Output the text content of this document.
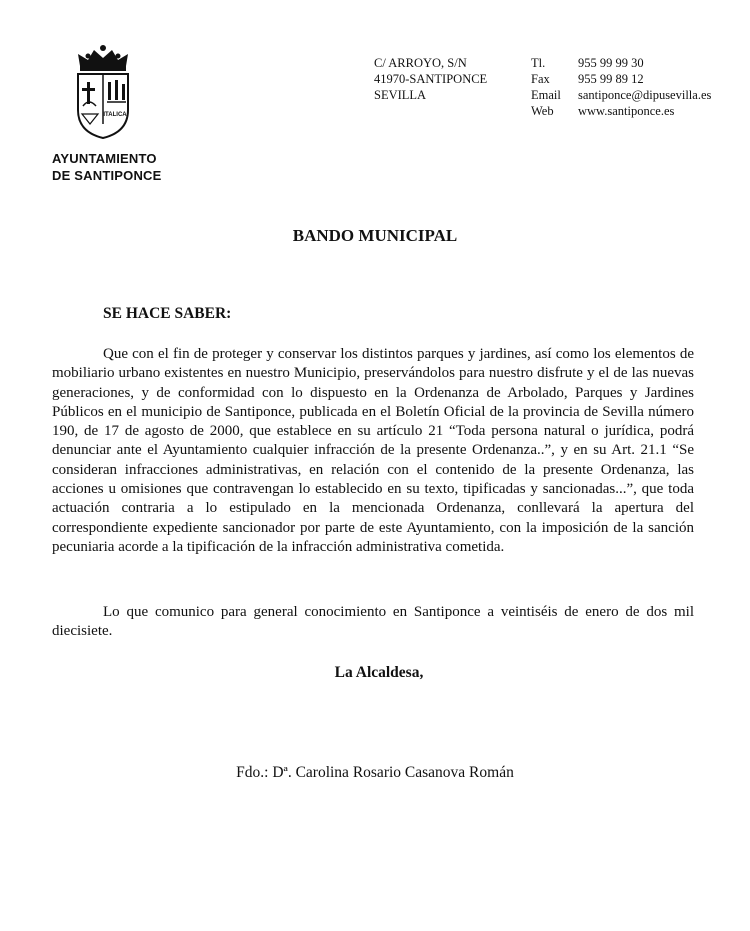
ITALICA
AYUNTAMIENTO
DE SANTIPONCE
C/ ARROYO, S/N
41970-SANTIPONCE
SEVILLA
Tl.	955 99 99 30
Fax	955 99 89 12
Email	santiponce@dipusevilla.es
Web	www.santiponce.es
BANDO MUNICIPAL
SE HACE SABER:

Que con el fin de proteger y conservar los distintos parques y jardines, así como los elementos de mobiliario urbano existentes en nuestro Municipio, preservándolos para nuestro disfrute y el de las nuevas generaciones, y de conformidad con lo dispuesto en la Ordenanza de Arbolado, Parques y Jardines Públicos en el municipio de Santiponce, publicada en el Boletín Oficial de la provincia de Sevilla número 190, de 17 de agosto de 2000, que establece en su artículo 21 “Toda persona natural o jurídica, podrá denunciar ante el Ayuntamiento cualquier infracción de la presente Ordenanza..”, y en su Art. 21.1 “Se consideran infracciones administrativas, en relación con el contenido de la presente Ordenanza, las acciones u omisiones que contravengan lo establecido en su texto, tipificadas y sancionadas...”, que toda actuación contraria a lo estipulado en la mencionada Ordenanza, conllevará la apertura del correspondiente expediente sancionador por parte de este Ayuntamiento, con la imposición de la sanción pecuniaria acorde a la tipificación de la infracción administrativa cometida.

Lo que comunico para general conocimiento en Santiponce a veintiséis de enero de dos mil diecisiete.

La Alcaldesa,
Fdo.: Dª. Carolina Rosario Casanova Román
